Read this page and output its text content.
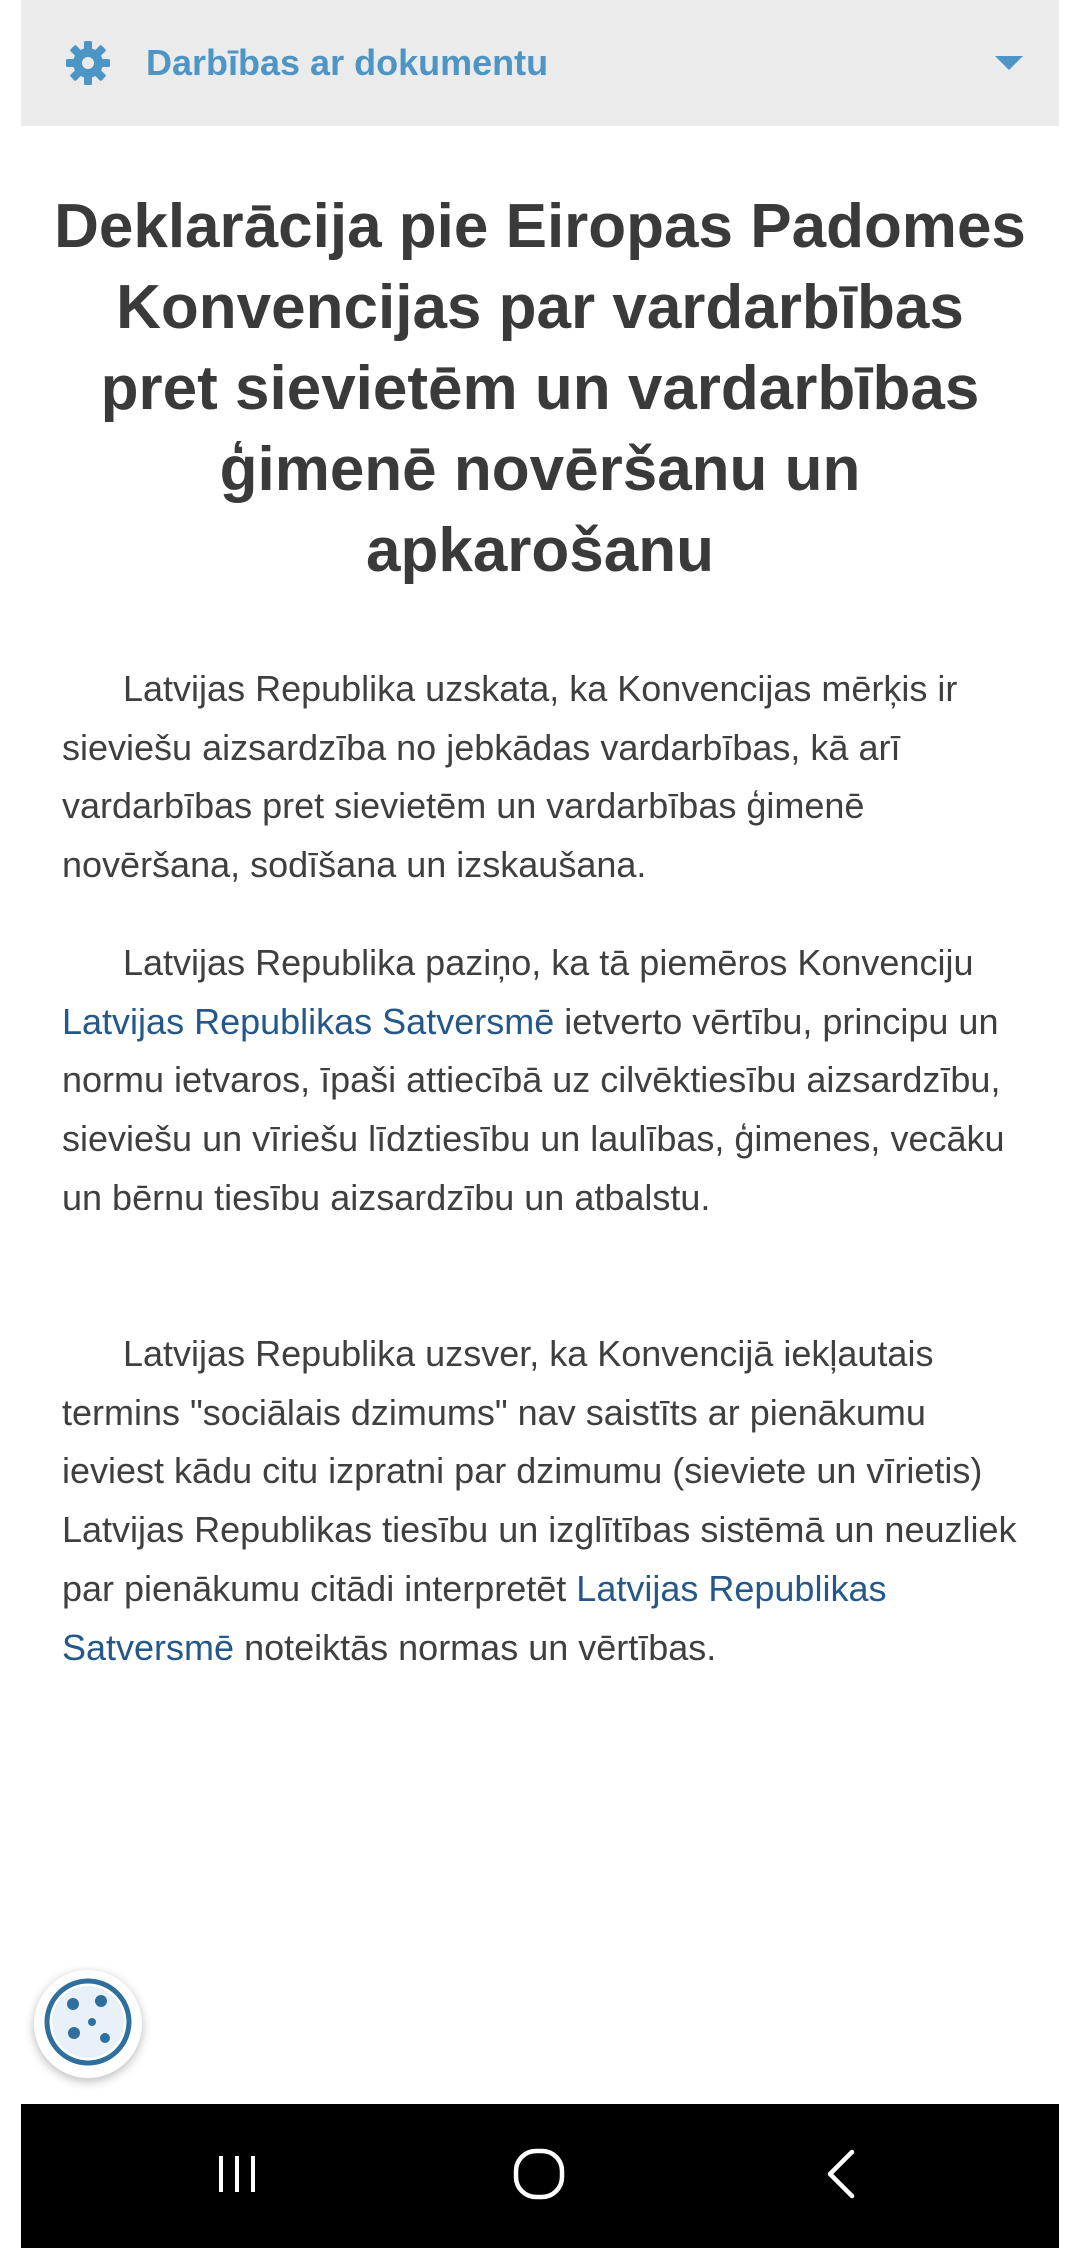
Darbības ar dokumentu
Deklarācija pie Eiropas Padomes Konvencijas par vardarbības pret sievietēm un vardarbības ģimenē novēršanu un apkarošanu

Latvijas Republika uzskata, ka Konvencijas mērķis ir sieviešu aizsardzība no jebkādas vardarbības, kā arī vardarbības pret sievietēm un vardarbības ģimenē novēršana, sodīšana un izskaušana.

Latvijas Republika paziņo, ka tā piemēros Konvenciju Latvijas Republikas Satversmē ietverto vērtību, principu un normu ietvaros, īpaši attiecībā uz cilvēktiesību aizsardzību, sieviešu un vīriešu līdztiesību un laulības, ģimenes, vecāku un bērnu tiesību aizsardzību un atbalstu.

Latvijas Republika uzsver, ka Konvencijā iekļautais termins "sociālais dzimums" nav saistīts ar pienākumu ieviest kādu citu izpratni par dzimumu (sieviete un vīrietis) Latvijas Republikas tiesību un izglītības sistēmā un neuzliek par pienākumu citādi interpretēt Latvijas Republikas Satversmē noteiktās normas un vērtības.
